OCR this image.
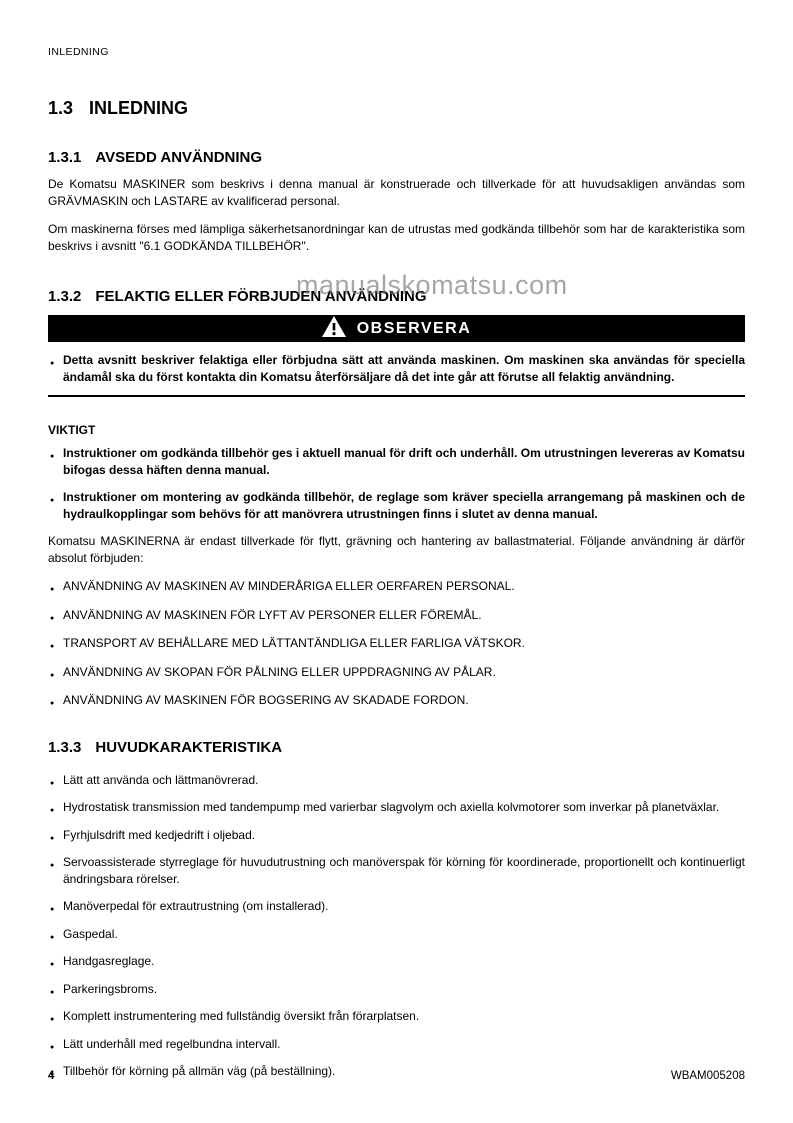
INLEDNING
1.3 INLEDNING
1.3.1 AVSEDD ANVÄNDNING

De Komatsu MASKINER som beskrivs i denna manual är konstruerade och tillverkade för att huvudsakligen användas som GRÄVMASKIN och LASTARE av kvalificerad personal.

Om maskinerna förses med lämpliga säkerhetsanordningar kan de utrustas med godkända tillbehör som har de karakteristika som beskrivs i avsnitt "6.1 GODKÄNDA TILLBEHÖR".

1.3.2 FELAKTIG ELLER FÖRBJUDEN ANVÄNDNING
OBSERVERA
● Detta avsnitt beskriver felaktiga eller förbjudna sätt att använda maskinen. Om maskinen ska användas för speciella ändamål ska du först kontakta din Komatsu återförsäljare då det inte går att förutse all felaktig användning.
VIKTIGT
● Instruktioner om godkända tillbehör ges i aktuell manual för drift och underhåll. Om utrustningen levereras av Komatsu bifogas dessa häften denna manual.
● Instruktioner om montering av godkända tillbehör, de reglage som kräver speciella arrangemang på maskinen och de hydraulkopplingar som behövs för att manövrera utrustningen finns i slutet av denna manual.

Komatsu MASKINERNA är endast tillverkade för flytt, grävning och hantering av ballastmaterial. Följande användning är därför absolut förbjuden:

● ANVÄNDNING AV MASKINEN AV MINDERÅRIGA ELLER OERFAREN PERSONAL.
● ANVÄNDNING AV MASKINEN FÖR LYFT AV PERSONER ELLER FÖREMÅL.
● TRANSPORT AV BEHÅLLARE MED LÄTTANTÄNDLIGA ELLER FARLIGA VÄTSKOR.
● ANVÄNDNING AV SKOPAN FÖR PÅLNING ELLER UPPDRAGNING AV PÅLAR.
● ANVÄNDNING AV MASKINEN FÖR BOGSERING AV SKADADE FORDON.
1.3.3 HUVUDKARAKTERISTIKA
● Lätt att använda och lättmanövrerad.
● Hydrostatisk transmission med tandempump med varierbar slagvolym och axiella kolvmotorer som inverkar på planetväxlar.
● Fyrhjulsdrift med kedjedrift i oljebad.
● Servoassisterade styrreglage för huvudutrustning och manöverspak för körning för koordinerade, proportionellt och kontinuerligt ändringsbara rörelser.
● Manöverpedal för extrautrustning (om installerad).
● Gaspedal.
● Handgasreglage.
● Parkeringsbroms.
● Komplett instrumentering med fullständig översikt från förarplatsen.
● Lätt underhåll med regelbundna intervall.
● Tillbehör för körning på allmän väg (på beställning).
manualskomatsu.com
4	WBAM005208
